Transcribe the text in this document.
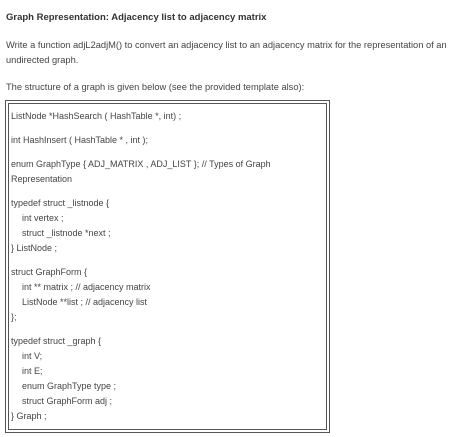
Graph Representation: Adjacency list to adjacency matrix
Write a function adjL2adjM() to convert an adjacency list to an adjacency matrix for the representation of an
undirected graph.
The structure of a graph is given below (see the provided template also):
ListNode *HashSearch ( HashTable *, int) ;
int HashInsert ( HashTable * , int );
enum GraphType { ADJ_MATRIX , ADJ_LIST }; // Types of Graph
Representation
typedef struct _listnode {
int vertex ;
struct _listnode *next ;
} ListNode ;
struct GraphForm {
int ** matrix ; // adjacency matrix
ListNode **list ; // adjacency list
};
typedef struct _graph {
int V;
int E;
enum GraphType type ;
struct GraphForm adj ;
} Graph ;
